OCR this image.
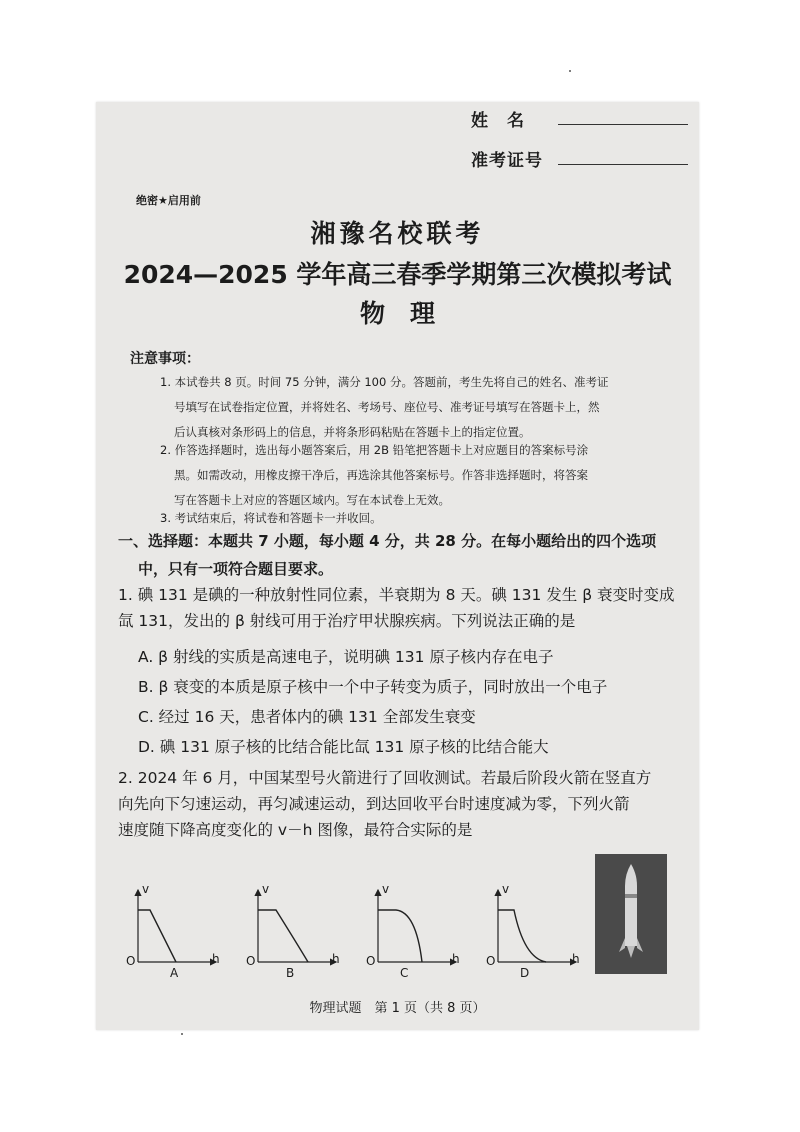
姓　名
准考证号
绝密★启用前
湘豫名校联考
2024—2025 学年高三春季学期第三次模拟考试
物　理
注意事项：
1. 本试卷共 8 页。时间 75 分钟，满分 100 分。答题前，考生先将自己的姓名、准考证
号填写在试卷指定位置，并将姓名、考场号、座位号、准考证号填写在答题卡上，然
后认真核对条形码上的信息，并将条形码粘贴在答题卡上的指定位置。
2. 作答选择题时，选出每小题答案后，用 2B 铅笔把答题卡上对应题目的答案标号涂
黑。如需改动，用橡皮擦干净后，再选涂其他答案标号。作答非选择题时，将答案
写在答题卡上对应的答题区域内。写在本试卷上无效。
3. 考试结束后，将试卷和答题卡一并收回。
一、选择题：本题共 7 小题，每小题 4 分，共 28 分。在每小题给出的四个选项
中，只有一项符合题目要求。
1. 碘 131 是碘的一种放射性同位素，半衰期为 8 天。碘 131 发生 β 衰变时变成
氙 131，发出的 β 射线可用于治疗甲状腺疾病。下列说法正确的是
A. β 射线的实质是高速电子，说明碘 131 原子核内存在电子
B. β 衰变的本质是原子核中一个中子转变为质子，同时放出一个电子
C. 经过 16 天，患者体内的碘 131 全部发生衰变
D. 碘 131 原子核的比结合能比氙 131 原子核的比结合能大
2. 2024 年 6 月，中国某型号火箭进行了回收测试。若最后阶段火箭在竖直方
向先向下匀速运动，再匀减速运动，到达回收平台时速度减为零，下列火箭
速度随下降高度变化的 v－h 图像，最符合实际的是
v
h
O
A
v
h
O
B
v
h
O
C
v
h
O
D
物理试题　第 1 页（共 8 页）
